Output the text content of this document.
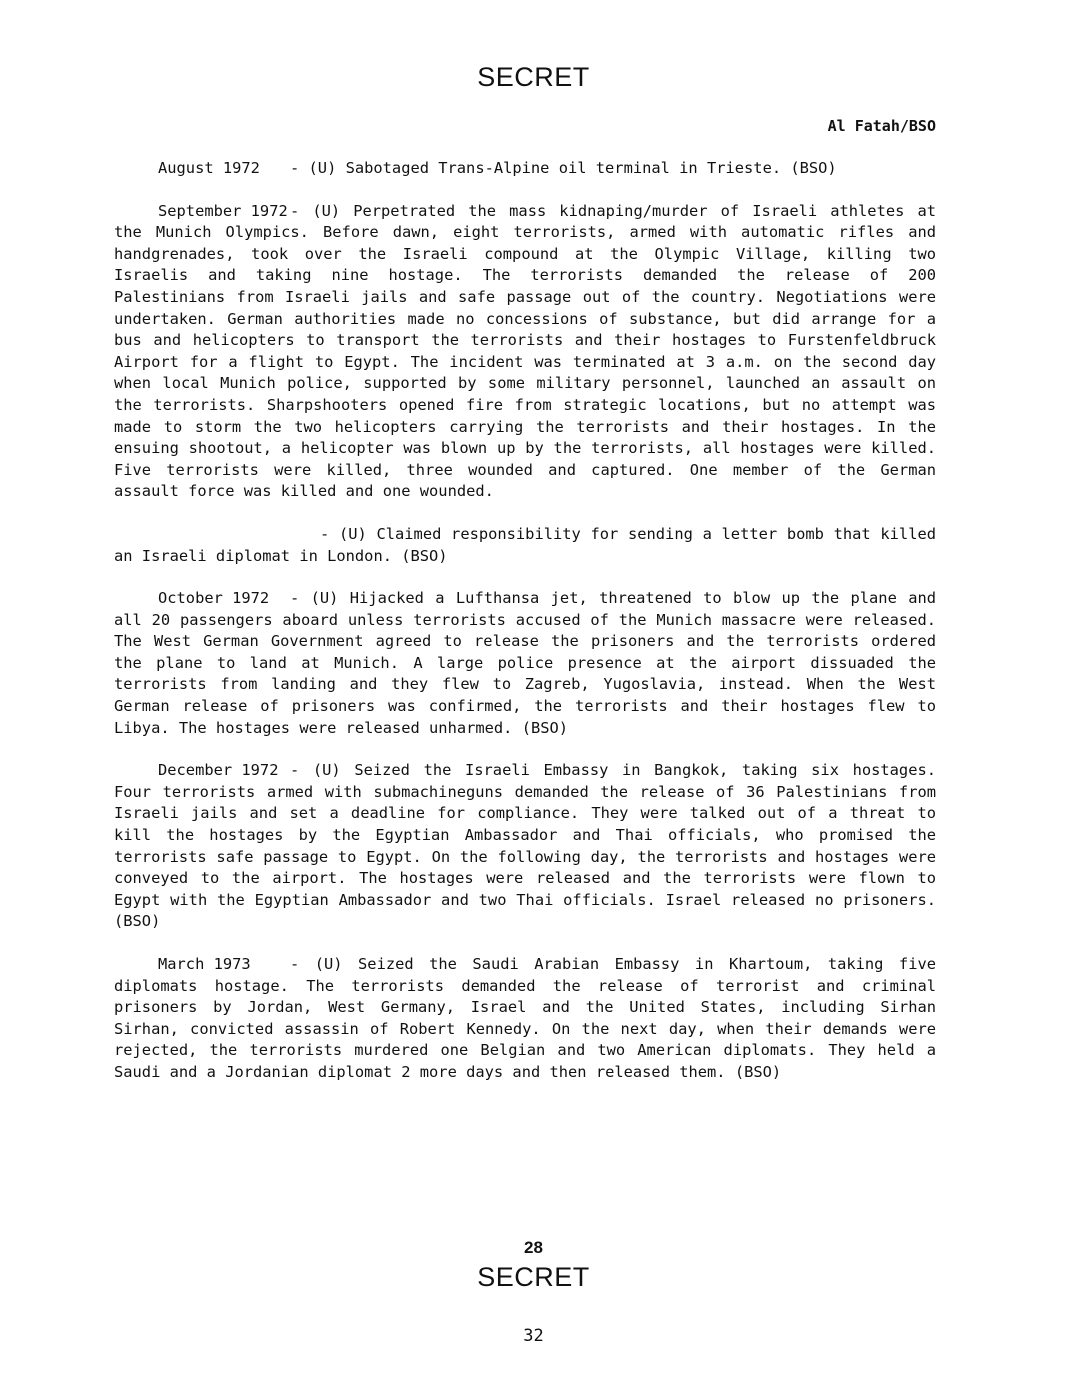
SECRET
Al Fatah/BSO

August 1972 - (U) Sabotaged Trans-Alpine oil terminal in Trieste. (BSO)

September 1972 - (U) Perpetrated the mass kidnaping/murder of Israeli athletes at the Munich Olympics. Before dawn, eight terrorists, armed with automatic rifles and handgrenades, took over the Israeli compound at the Olympic Village, killing two Israelis and taking nine hostage. The terrorists demanded the release of 200 Palestinians from Israeli jails and safe passage out of the country. Negotiations were undertaken. German authorities made no concessions of substance, but did arrange for a bus and helicopters to transport the terrorists and their hostages to Furstenfeldbruck Airport for a flight to Egypt. The incident was terminated at 3 a.m. on the second day when local Munich police, supported by some military personnel, launched an assault on the terrorists. Sharpshooters opened fire from strategic locations, but no attempt was made to storm the two helicopters carrying the terrorists and their hostages. In the ensuing shootout, a helicopter was blown up by the terrorists, all hostages were killed. Five terrorists were killed, three wounded and captured. One member of the German assault force was killed and one wounded.

- (U) Claimed responsibility for sending a letter bomb that killed an Israeli diplomat in London. (BSO)

October 1972 - (U) Hijacked a Lufthansa jet, threatened to blow up the plane and all 20 passengers aboard unless terrorists accused of the Munich massacre were released. The West German Government agreed to release the prisoners and the terrorists ordered the plane to land at Munich. A large police presence at the airport dissuaded the terrorists from landing and they flew to Zagreb, Yugoslavia, instead. When the West German release of prisoners was confirmed, the terrorists and their hostages flew to Libya. The hostages were released unharmed. (BSO)

December 1972 - (U) Seized the Israeli Embassy in Bangkok, taking six hostages. Four terrorists armed with submachineguns demanded the release of 36 Palestinians from Israeli jails and set a deadline for compliance. They were talked out of a threat to kill the hostages by the Egyptian Ambassador and Thai officials, who promised the terrorists safe passage to Egypt. On the following day, the terrorists and hostages were conveyed to the airport. The hostages were released and the terrorists were flown to Egypt with the Egyptian Ambassador and two Thai officials. Israel released no prisoners. (BSO)

March 1973	- (U) Seized the Saudi Arabian Embassy in Khartoum, taking five diplomats hostage. The terrorists demanded the release of terrorist and criminal prisoners by Jordan, West Germany, Israel and the United States, including Sirhan Sirhan, convicted assassin of Robert Kennedy. On the next day, when their demands were rejected, the terrorists murdered one Belgian and two American diplomats. They held a Saudi and a Jordanian diplomat 2 more days and then released them. (BSO)

28
SECRET
32
